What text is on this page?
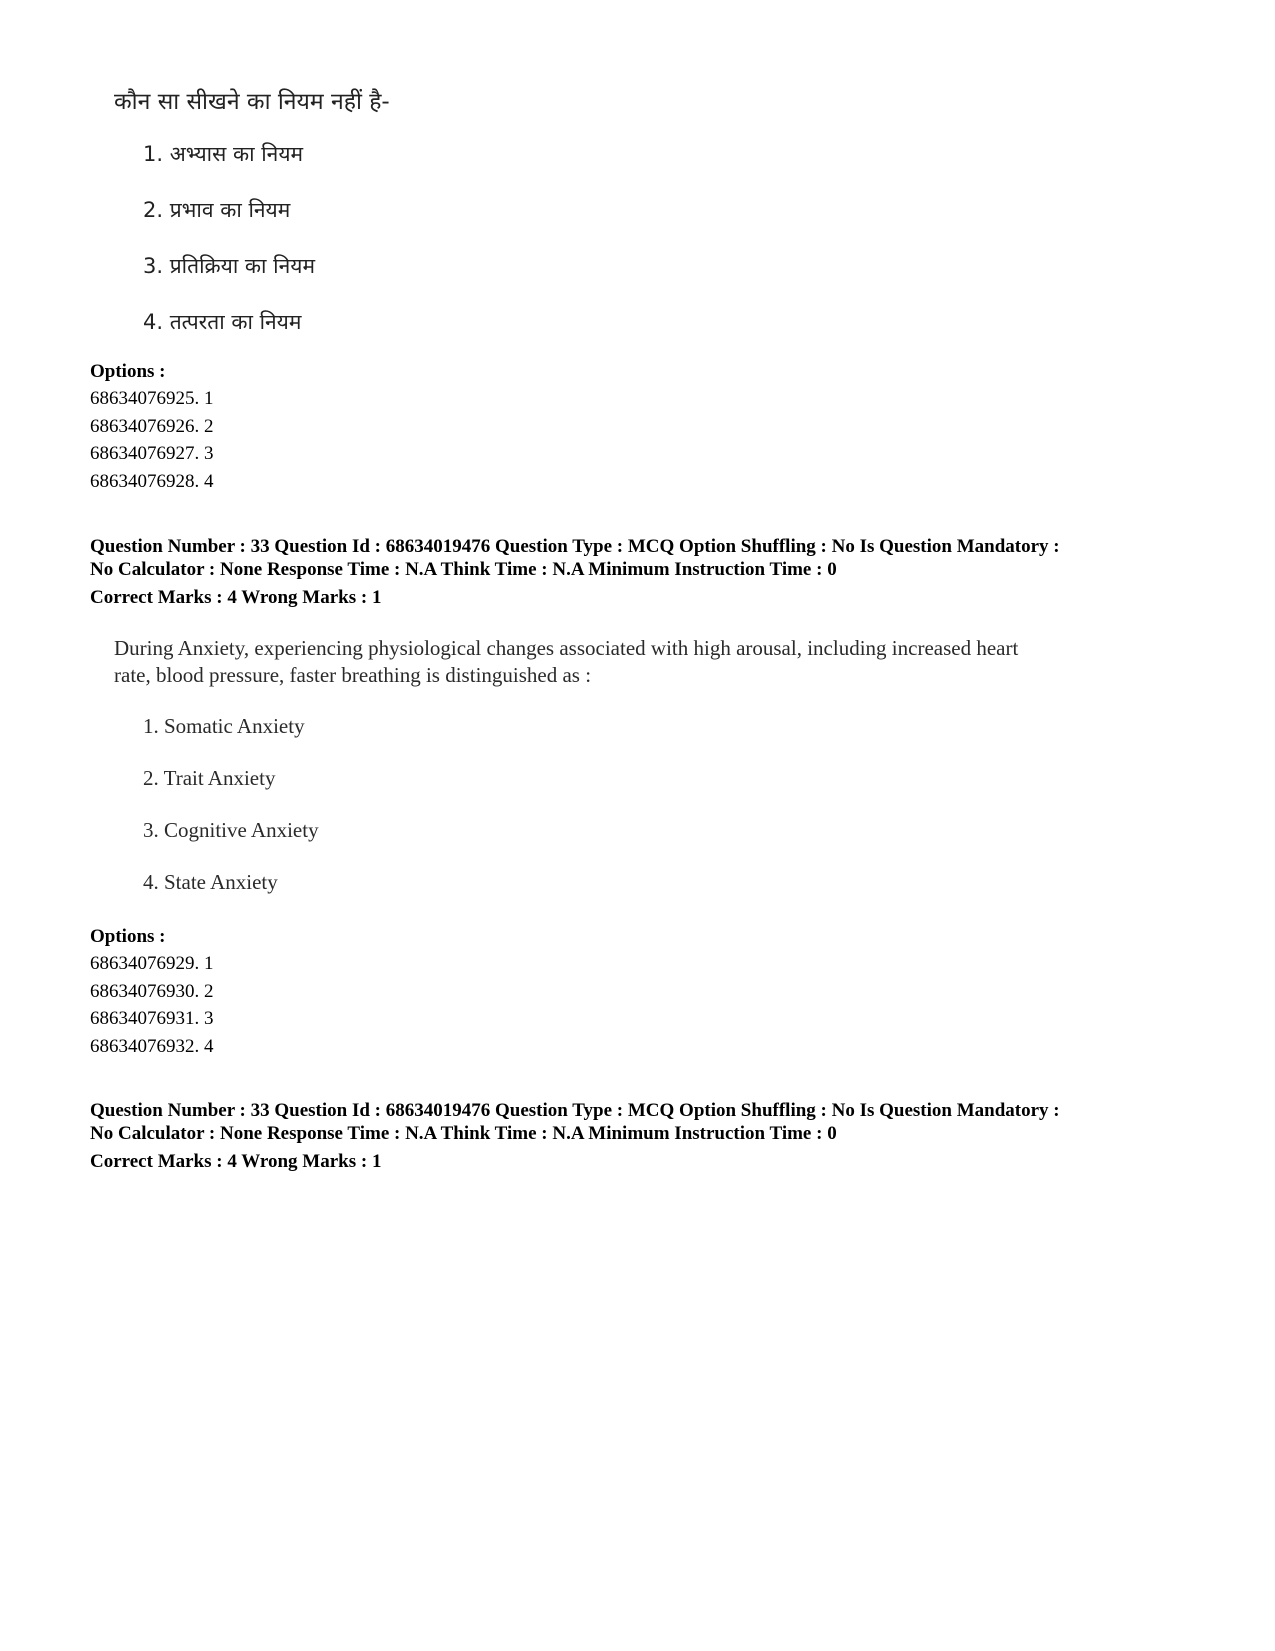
कौन सा सीखने का नियम नहीं है-
1. अभ्यास का नियम
2. प्रभाव का नियम
3. प्रतिक्रिया का नियम
4. तत्परता का नियम
Options :
68634076925. 1
68634076926. 2
68634076927. 3
68634076928. 4
Question Number : 33 Question Id : 68634019476 Question Type : MCQ Option Shuffling : No Is Question Mandatory :
No Calculator : None Response Time : N.A Think Time : N.A Minimum Instruction Time : 0
Correct Marks : 4 Wrong Marks : 1
During Anxiety, experiencing physiological changes associated with high arousal, including increased heart
rate, blood pressure, faster breathing is distinguished as :
1. Somatic Anxiety
2. Trait Anxiety
3. Cognitive Anxiety
4. State Anxiety
Options :
68634076929. 1
68634076930. 2
68634076931. 3
68634076932. 4
Question Number : 33 Question Id : 68634019476 Question Type : MCQ Option Shuffling : No Is Question Mandatory :
No Calculator : None Response Time : N.A Think Time : N.A Minimum Instruction Time : 0
Correct Marks : 4 Wrong Marks : 1
